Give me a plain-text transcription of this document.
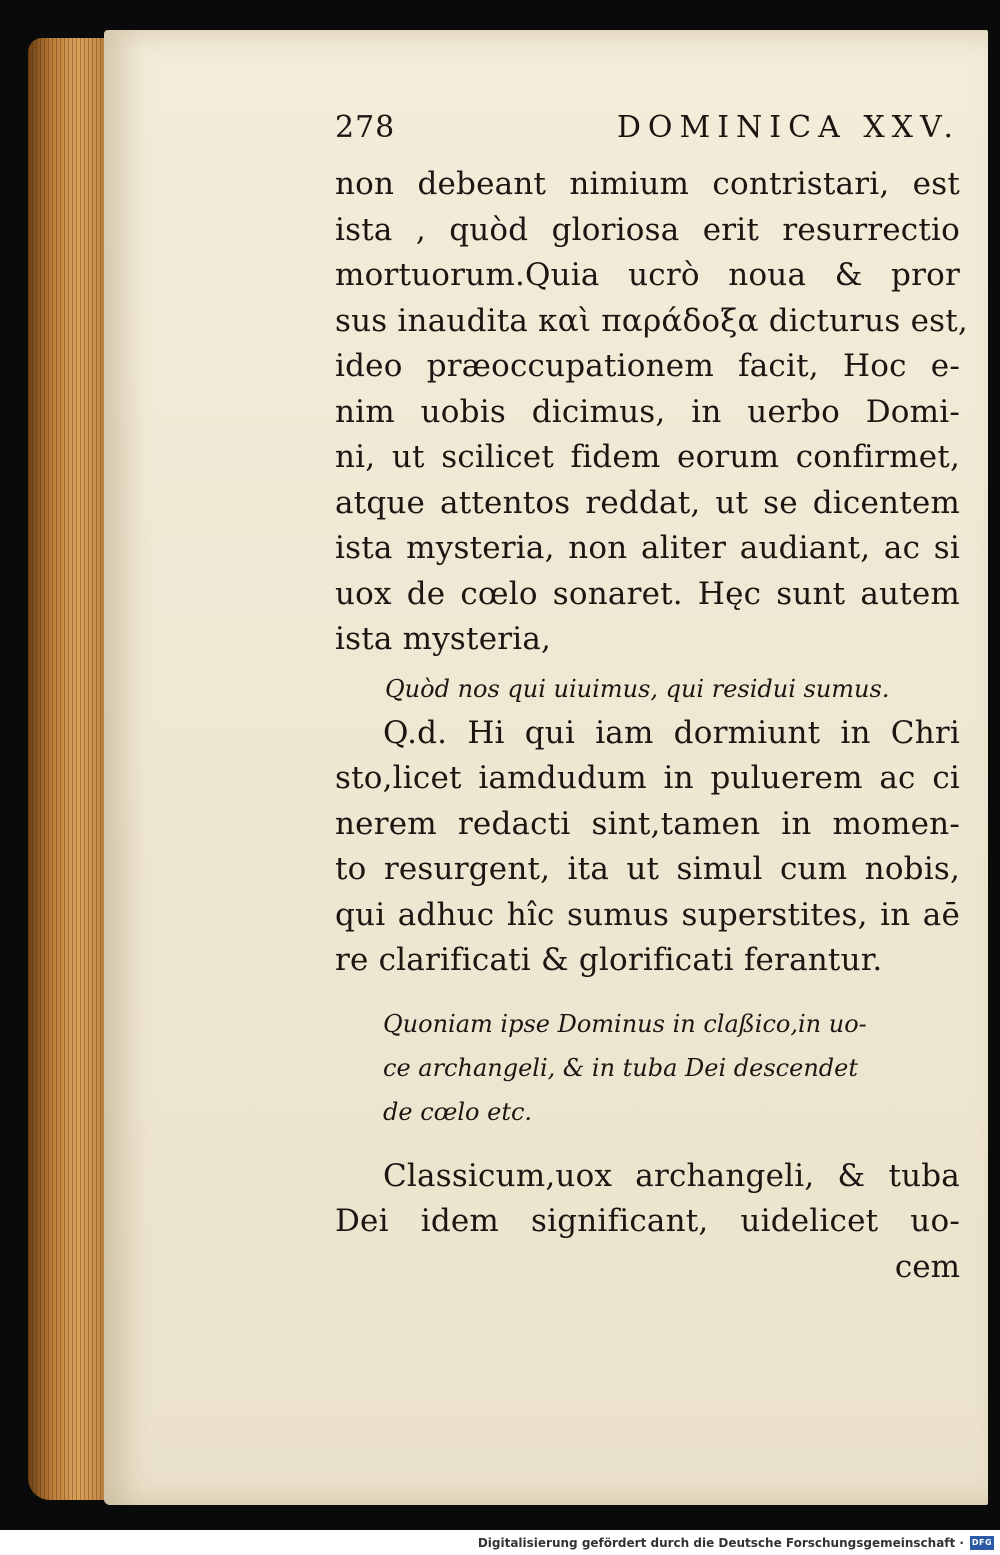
278	DOMINICA XXV.
non debeant nimium contristari, est
ista , quòd gloriosa erit resurrectio
mortuorum.Quia ucrò noua & pror
sus inaudita καὶ παράδοξα dicturus est,
ideo præoccupationem facit, Hoc e-
nim uobis dicimus, in uerbo Domi-
ni, ut scilicet fidem eorum confirmet,
atque attentos reddat, ut se dicentem
ista mysteria, non aliter audiant, ac si
uox de cœlo sonaret. Hęc sunt autem
ista mysteria,
Quòd nos qui uiuimus, qui residui sumus.
Q.d. Hi qui iam dormiunt in Chri
sto,licet iamdudum in puluerem ac ci
nerem redacti sint,tamen in momen-
to resurgent, ita ut simul cum nobis,
qui adhuc hîc sumus superstites, in aē
re clarificati & glorificati ferantur.
Quoniam ipse Dominus in claßico,in uo-
ce archangeli, & in tuba Dei descendet
de cœlo etc.
Classicum,uox archangeli, & tuba
Dei idem significant, uidelicet uo-
cem
Digitalisierung gefördert durch die Deutsche Forschungsgemeinschaft · DFG
